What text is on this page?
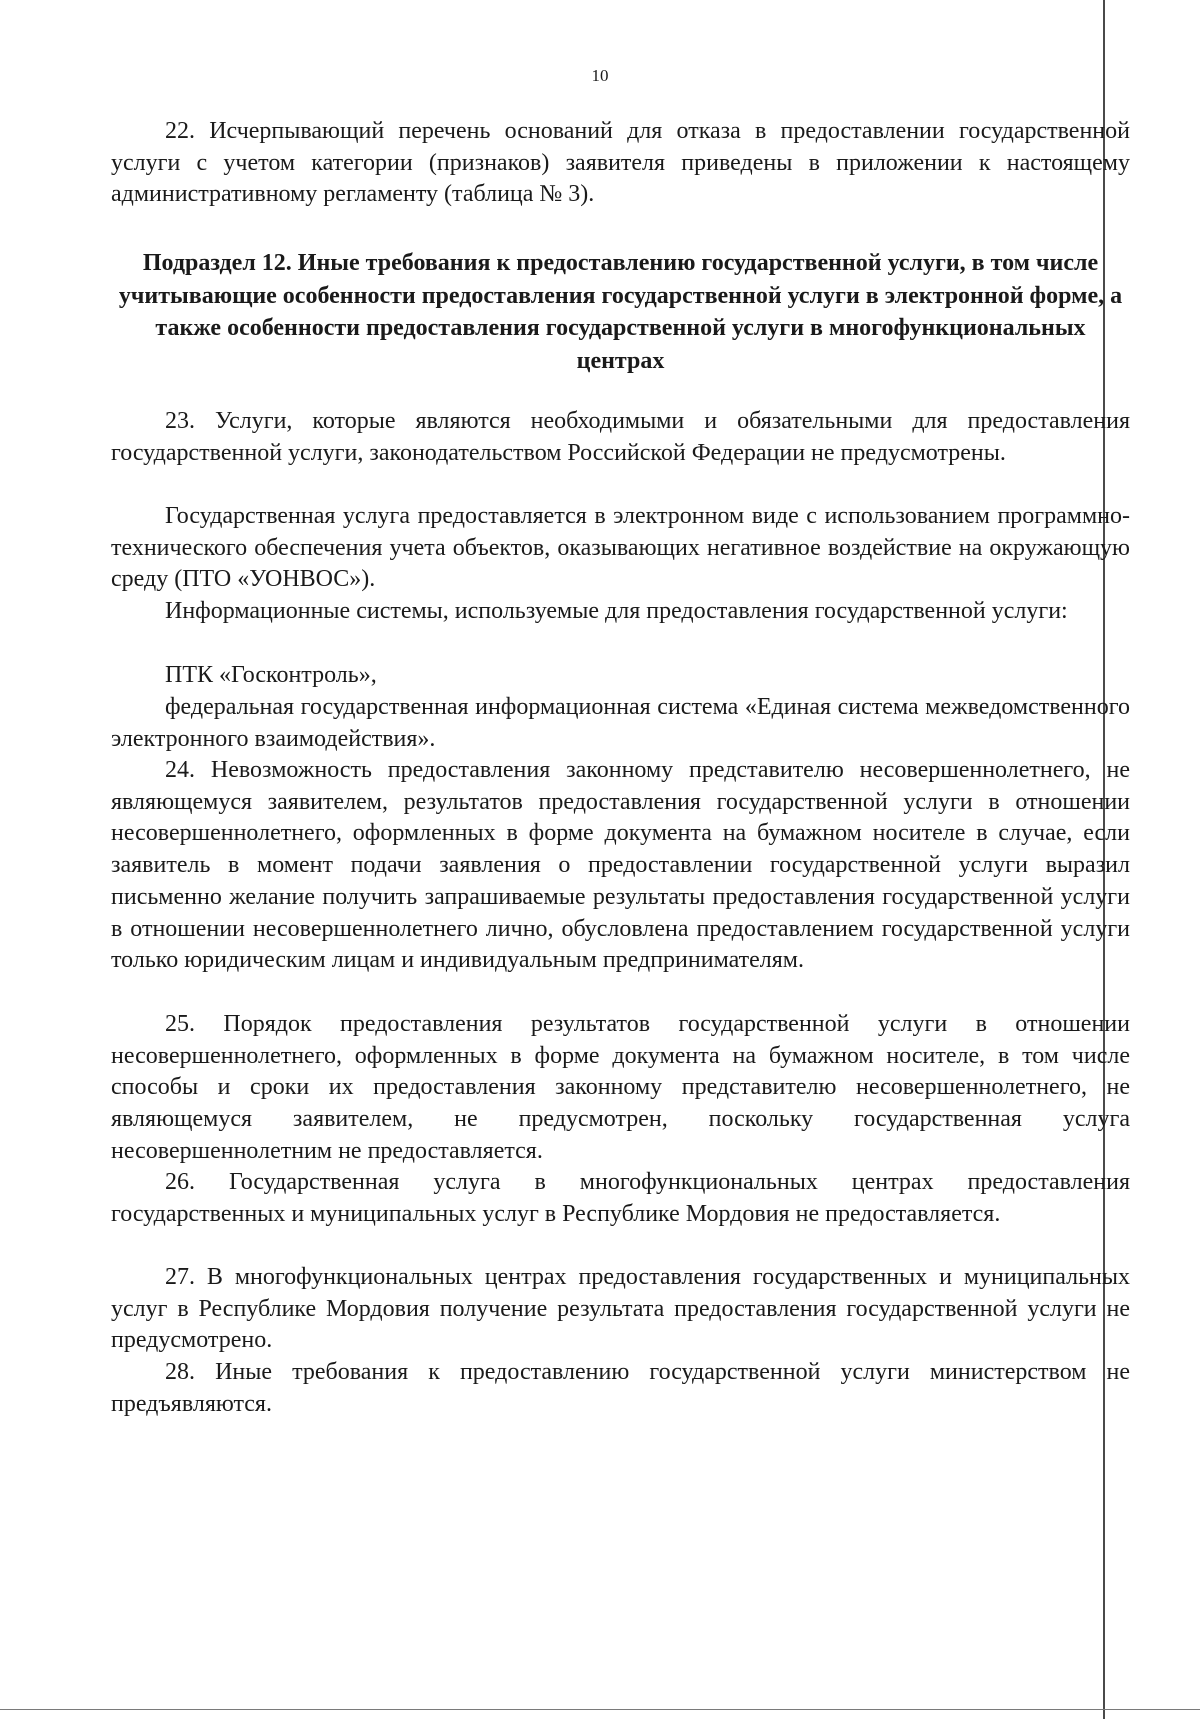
10

22. Исчерпывающий перечень оснований для отказа в предоставлении государственной услуги с учетом категории (признаков) заявителя приведены в приложении к настоящему административному регламенту (таблица № 3).

Подраздел 12. Иные требования к предоставлению государственной услуги, в том числе учитывающие особенности предоставления государственной услуги в электронной форме, а также особенности предоставления государственной услуги в многофункциональных центрах

23. Услуги, которые являются необходимыми и обязательными для предоставления государственной услуги, законодательством Российской Федерации не предусмотрены.

Государственная услуга предоставляется в электронном виде с использованием программно-технического обеспечения учета объектов, оказывающих негативное воздействие на окружающую среду (ПТО «УОНВОС»).

Информационные системы, используемые для предоставления государственной услуги:

ПТК «Госконтроль»,

федеральная государственная информационная система «Единая система межведомственного электронного взаимодействия».

24. Невозможность предоставления законному представителю несовершеннолетнего, не являющемуся заявителем, результатов предоставления государственной услуги в отношении несовершеннолетнего, оформленных в форме документа на бумажном носителе в случае, если заявитель в момент подачи заявления о предоставлении государственной услуги выразил письменно желание получить запрашиваемые результаты предоставления государственной услуги в отношении несовершеннолетнего лично, обусловлена предоставлением государственной услуги только юридическим лицам и индивидуальным предпринимателям.

25. Порядок предоставления результатов государственной услуги в отношении несовершеннолетнего, оформленных в форме документа на бумажном носителе, в том числе способы и сроки их предоставления законному представителю несовершеннолетнего, не являющемуся заявителем, не предусмотрен, поскольку государственная услуга несовершеннолетним не предоставляется.

26. Государственная услуга в многофункциональных центрах предоставления государственных и муниципальных услуг в Республике Мордовия не предоставляется.

27. В многофункциональных центрах предоставления государственных и муниципальных услуг в Республике Мордовия получение результата предоставления государственной услуги не предусмотрено.

28. Иные требования к предоставлению государственной услуги министерством не предъявляются.
